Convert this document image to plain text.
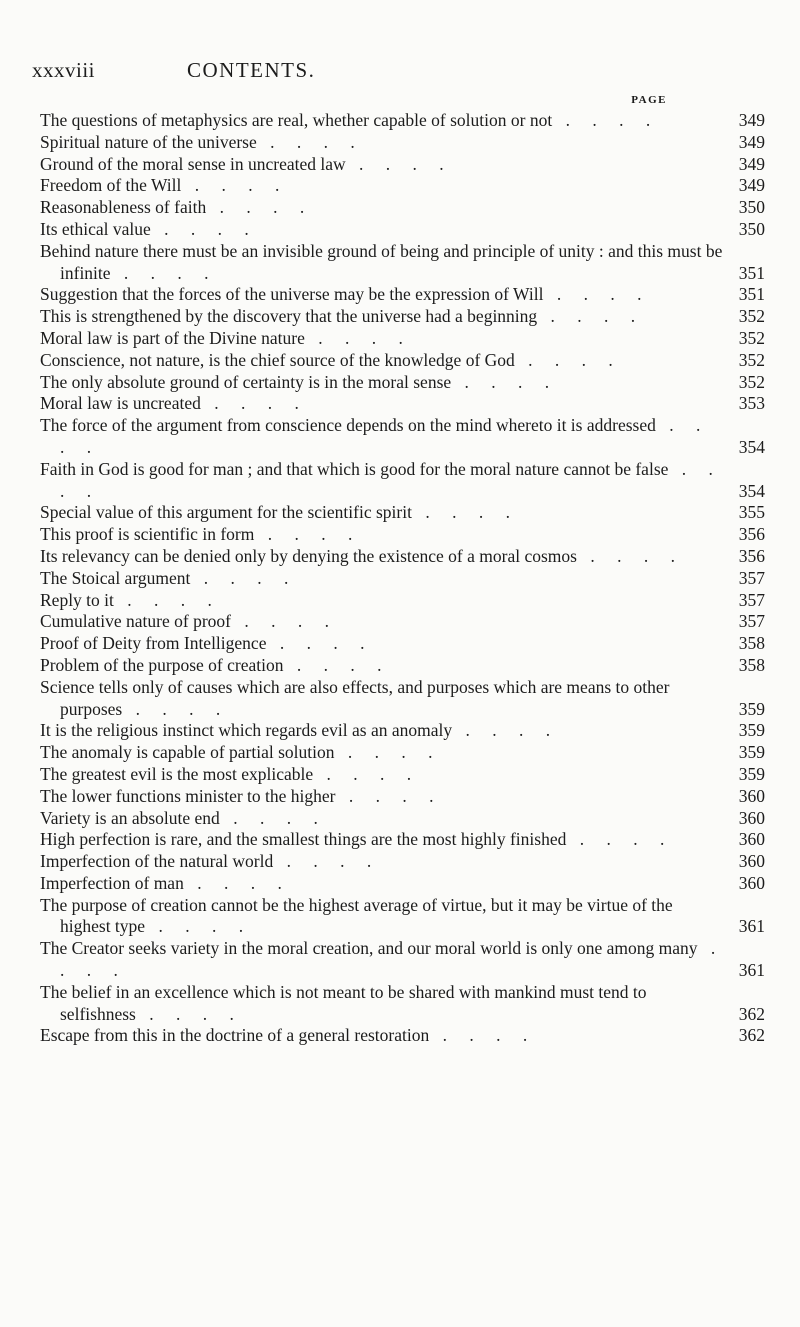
xxxviii	CONTENTS.
PAGE
The questions of metaphysics are real, whether capable of solution or not . . . .	349
Spiritual nature of the universe . . . .	349
Ground of the moral sense in uncreated law . . . .	349
Freedom of the Will . . . .	349
Reasonableness of faith . . . .	350
Its ethical value . . . .	350
Behind nature there must be an invisible ground of being and principle of unity : and this must be infinite . . . .	351
Suggestion that the forces of the universe may be the expression of Will . . . .	351
This is strengthened by the discovery that the universe had a beginning . . . .	352
Moral law is part of the Divine nature . . . .	352
Conscience, not nature, is the chief source of the knowledge of God . . . .	352
The only absolute ground of certainty is in the moral sense . . . .	352
Moral law is uncreated . . . .	353
The force of the argument from conscience depends on the mind whereto it is addressed . . . .	354
Faith in God is good for man ; and that which is good for the moral nature cannot be false . . . .	354
Special value of this argument for the scientific spirit . . . .	355
This proof is scientific in form . . . .	356
Its relevancy can be denied only by denying the existence of a moral cosmos . . . .	356
The Stoical argument . . . .	357
Reply to it . . . .	357
Cumulative nature of proof . . . .	357
Proof of Deity from Intelligence . . . .	358
Problem of the purpose of creation . . . .	358
Science tells only of causes which are also effects, and purposes which are means to other purposes . . . .	359
It is the religious instinct which regards evil as an anomaly . . . .	359
The anomaly is capable of partial solution . . . .	359
The greatest evil is the most explicable . . . .	359
The lower functions minister to the higher . . . .	360
Variety is an absolute end . . . .	360
High perfection is rare, and the smallest things are the most highly finished . . . .	360
Imperfection of the natural world . . . .	360
Imperfection of man . . . .	360
The purpose of creation cannot be the highest average of virtue, but it may be virtue of the highest type . . . .	361
The Creator seeks variety in the moral creation, and our moral world is only one among many . . . .	361
The belief in an excellence which is not meant to be shared with mankind must tend to selfishness . . . .	362
Escape from this in the doctrine of a general restoration . . . .	362
